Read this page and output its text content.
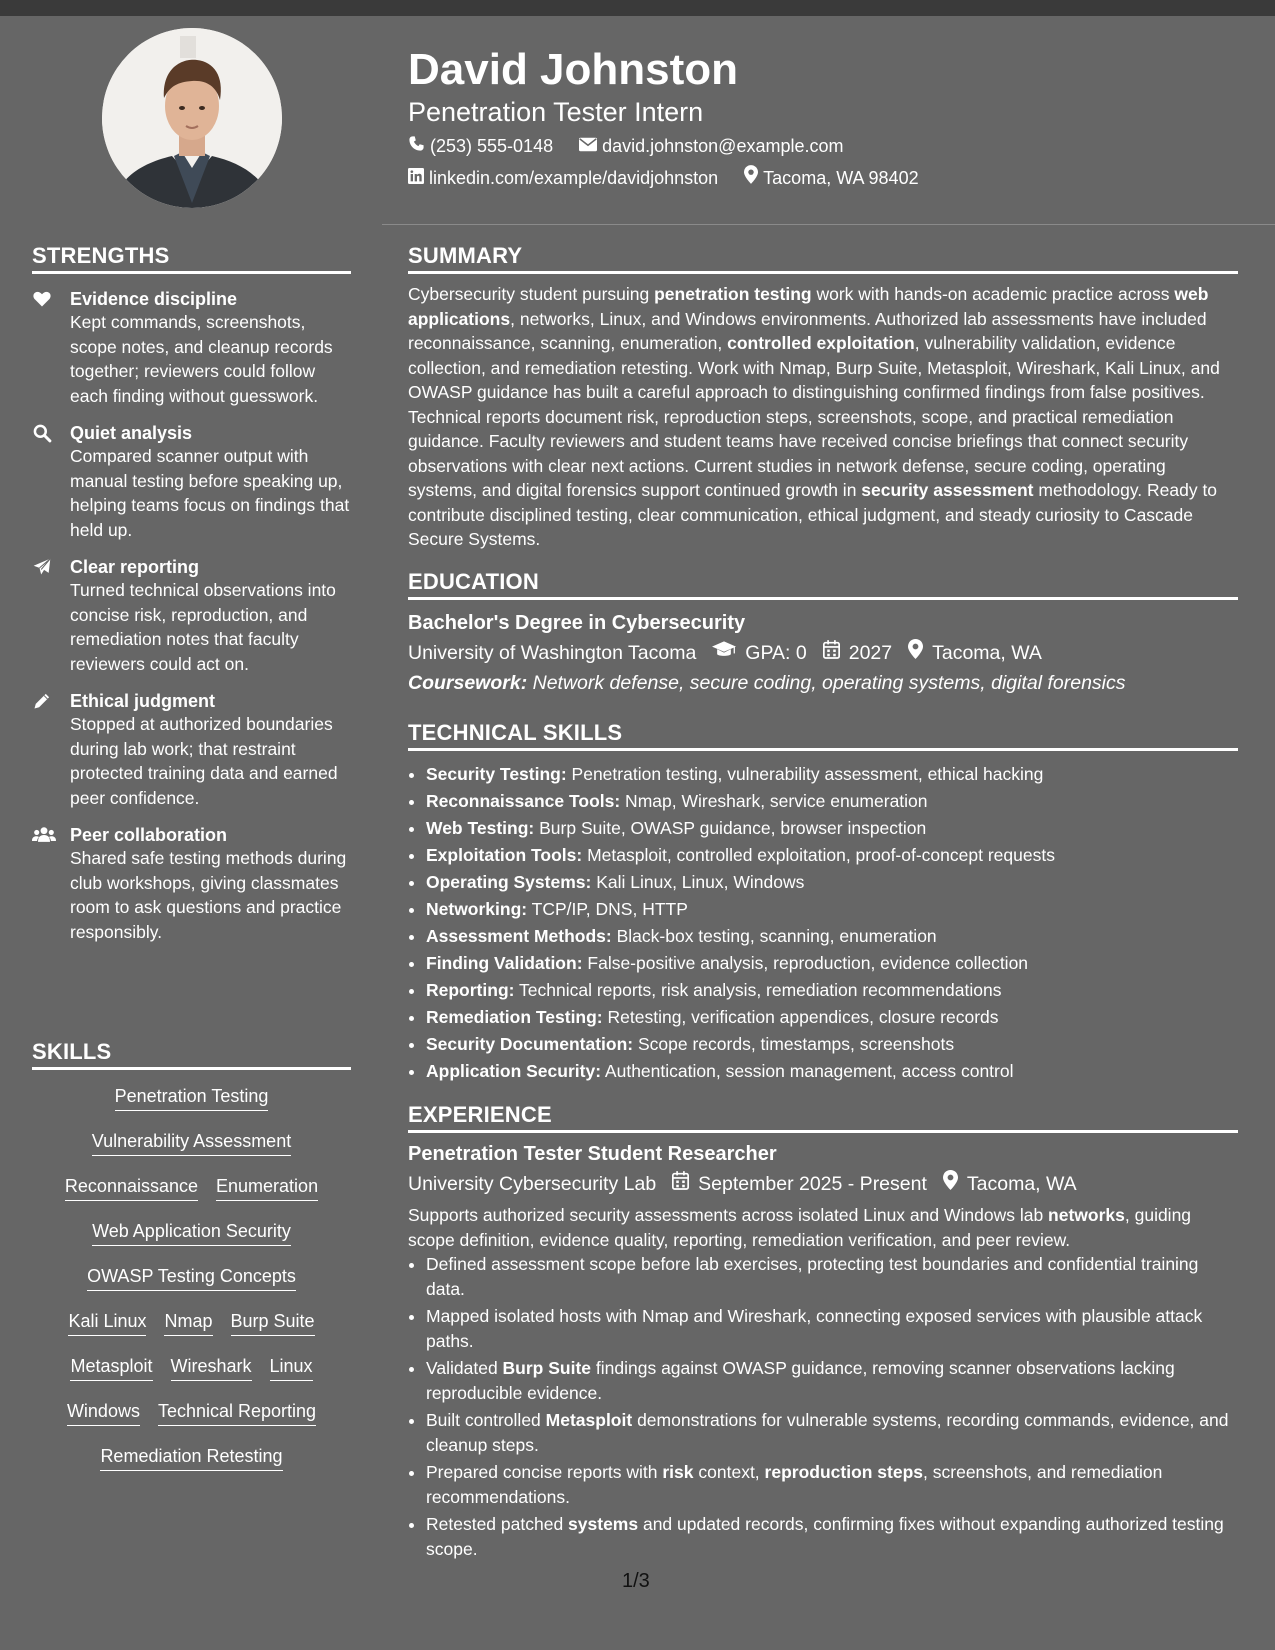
STRENGTHS
Evidence discipline
Kept commands, screenshots, scope notes, and cleanup records together; reviewers could follow each finding without guesswork.
Quiet analysis
Compared scanner output with manual testing before speaking up, helping teams focus on findings that held up.
Clear reporting
Turned technical observations into concise risk, reproduction, and remediation notes that faculty reviewers could act on.
Ethical judgment
Stopped at authorized boundaries during lab work; that restraint protected training data and earned peer confidence.
Peer collaboration
Shared safe testing methods during club workshops, giving classmates room to ask questions and practice responsibly.
SKILLS
Penetration Testing
Vulnerability Assessment
Reconnaissance Enumeration
Web Application Security
OWASP Testing Concepts
Kali Linux Nmap Burp Suite
Metasploit Wireshark Linux
Windows Technical Reporting
Remediation Retesting
David Johnston
Penetration Tester Intern
(253) 555-0148	david.johnston@example.com
linkedin.com/example/davidjohnston	Tacoma, WA 98402
SUMMARY

Cybersecurity student pursuing penetration testing work with hands-on academic practice across web applications, networks, Linux, and Windows environments. Authorized lab assessments have included reconnaissance, scanning, enumeration, controlled exploitation, vulnerability validation, evidence collection, and remediation retesting. Work with Nmap, Burp Suite, Metasploit, Wireshark, Kali Linux, and OWASP guidance has built a careful approach to distinguishing confirmed findings from false positives. Technical reports document risk, reproduction steps, screenshots, scope, and practical remediation guidance. Faculty reviewers and student teams have received concise briefings that connect security observations with clear next actions. Current studies in network defense, secure coding, operating systems, and digital forensics support continued growth in security assessment methodology. Ready to contribute disciplined testing, clear communication, ethical judgment, and steady curiosity to Cascade Secure Systems.

EDUCATION
Bachelor's Degree in Cybersecurity
University of Washington Tacoma	GPA: 0 2027 Tacoma, WA
Coursework: Network defense, secure coding, operating systems, digital forensics
TECHNICAL SKILLS
• Security Testing: Penetration testing, vulnerability assessment, ethical hacking
• Reconnaissance Tools: Nmap, Wireshark, service enumeration
• Web Testing: Burp Suite, OWASP guidance, browser inspection
• Exploitation Tools: Metasploit, controlled exploitation, proof-of-concept requests
• Operating Systems: Kali Linux, Linux, Windows
• Networking: TCP/IP, DNS, HTTP
• Assessment Methods: Black-box testing, scanning, enumeration
• Finding Validation: False-positive analysis, reproduction, evidence collection
• Reporting: Technical reports, risk analysis, remediation recommendations
• Remediation Testing: Retesting, verification appendices, closure records
• Security Documentation: Scope records, timestamps, screenshots
• Application Security: Authentication, session management, access control
EXPERIENCE
Penetration Tester Student Researcher
University Cybersecurity Lab September 2025 - Present Tacoma, WA

Supports authorized security assessments across isolated Linux and Windows lab networks, guiding scope definition, evidence quality, reporting, remediation verification, and peer review.

• Defined assessment scope before lab exercises, protecting test boundaries and confidential training data.
• Mapped isolated hosts with Nmap and Wireshark, connecting exposed services with plausible attack paths.
• Validated Burp Suite findings against OWASP guidance, removing scanner observations lacking reproducible evidence.
• Built controlled Metasploit demonstrations for vulnerable systems, recording commands, evidence, and cleanup steps.
• Prepared concise reports with risk context, reproduction steps, screenshots, and remediation recommendations.
• Retested patched systems and updated records, confirming fixes without expanding authorized testing scope.
1/3
